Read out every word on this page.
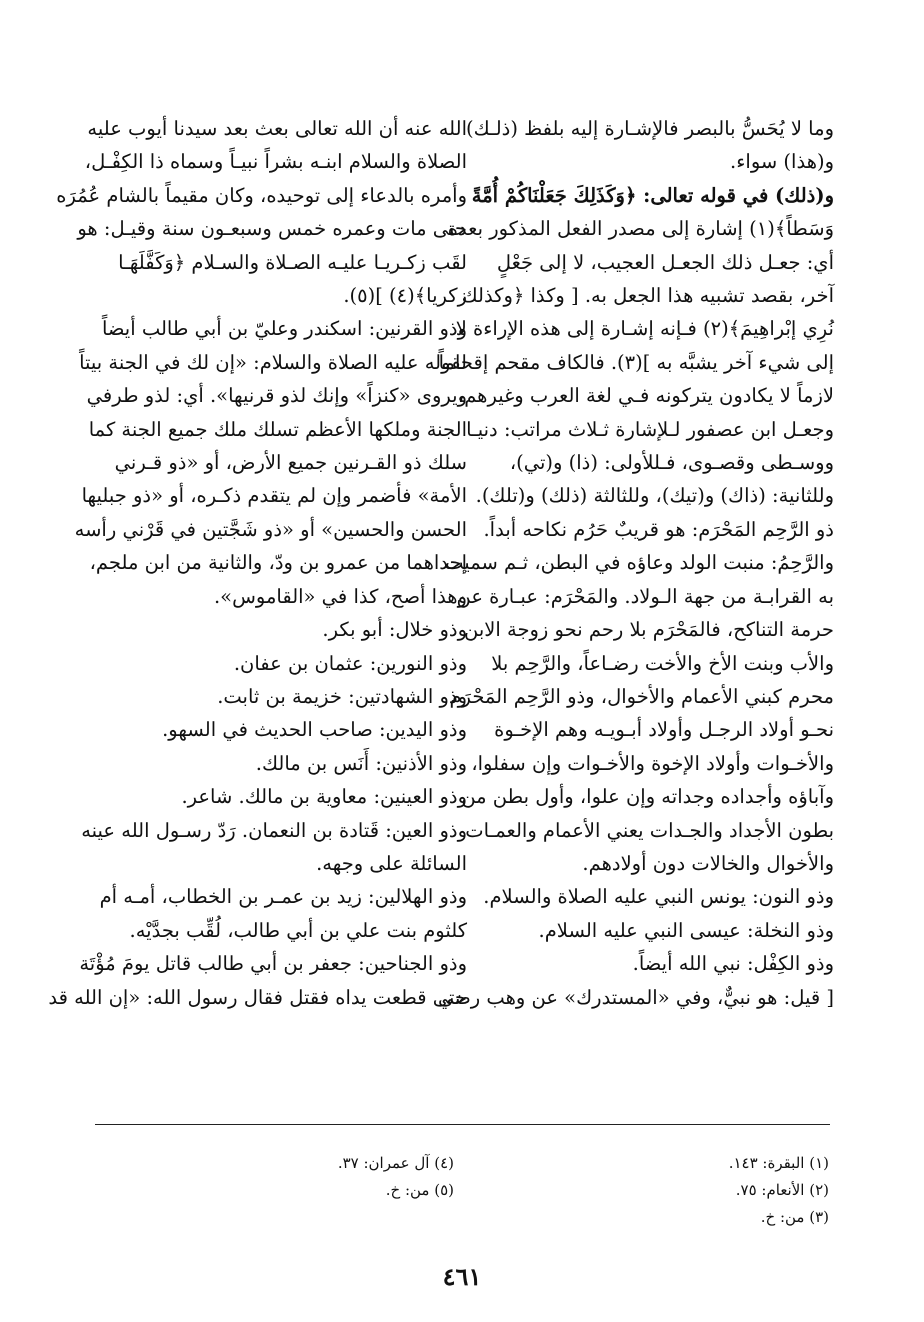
وما لا يُحَسُّ بالبصر فالإشـارة إليه بلفظ (ذلـك)
و(هذا) سواء.
و(ذلك) في قوله تعالى: ﴿وَكَذَلِكَ جَعَلْنَاكُمْ أُمَّةً
وَسَطاً﴾(١) إشارة إلى مصدر الفعل المذكور بعده
أي: جعـل ذلك الجعـل العجيب، لا إلى جَعْلٍ
آخر، بقصد تشبيه هذا الجعل به. [ وكذا ﴿وكذلك
نُرِي إبْراهِيمَ﴾(٢) فـإنه إشـارة إلى هذه الإراءة لا
إلى شيء آخر يشبَّه به ](٣). فالكاف مقحم إقحاماً
لازماً لا يكادون يتركونه فـي لغة العرب وغيرهم،
وجعـل ابن عصفور لـلإشارة ثـلاث مراتب: دنيـا
ووسـطى وقصـوى، فـللأولى: (ذا) و(تي)،
وللثانية: (ذاك) و(تيك)، وللثالثة (ذلك) و(تلك).
ذو الرَّحِم المَحْرَم: هو قريبٌ حَرُم نكاحه أبداً.
والرَّحِمُ: منبت الولد وعاؤه في البطن، ثـم سميت
به القرابـة من جهة الـولاد. والمَحْرَم: عبـارة عن
حرمة التناكح، فالمَحْرَم بلا رحم نحو زوجة الابن
والأب وبنت الأخ والأخت رضـاعاً، والرَّحِم بلا
محرم كبني الأعمام والأخوال، وذو الرَّحِم المَحْرَم
نحـو أولاد الرجـل وأولاد أبـويـه وهم الإخـوة
والأخـوات وأولاد الإخوة والأخـوات وإن سفلوا،
وآباؤه وأجداده وجداته وإن علوا، وأول بطن من
بطون الأجداد والجـدات يعني الأعمام والعمـات
والأخوال والخالات دون أولادهم.
وذو النون: يونس النبي عليه الصلاة والسلام.
وذو النخلة: عيسى النبي عليه السلام.
وذو الكِفْل: نبي الله أيضاً.
[ قيل: هو نبيٌّ، وفي «المستدرك» عن وهب رضي
الله عنه أن الله تعالى بعث بعد سيدنا أيوب عليه
الصلاة والسلام ابنـه بشراً نبيـاً وسماه ذا الكِفْـل،
وأمره بالدعاء إلى توحيده، وكان مقيماً بالشام عُمُرَه
حتى مات وعمره خمس وسبعـون سنة وقيـل: هو
لقَب زكـريـا عليـه الصـلاة والسـلام ﴿وَكَفَّلَهَـا
زكريا﴾(٤) ](٥).
وذو القرنين: اسكندر وعليّ بن أبي طالب أيضاً
لقوله عليه الصلاة والسلام: «إن لك في الجنة بيتاً
ويروى «كنزاً» وإنك لذو قرنيها». أي: لذو طرفي
الجنة وملكها الأعظم تسلك ملك جميع الجنة كما
سلك ذو القـرنين جميع الأرض، أو «ذو قـرني
الأمة» فأضمر وإن لم يتقدم ذكـره، أو «ذو جبليها
الحسن والحسين» أو «ذو شَجَّتين في قَرْني رأسه
إحداهما من عمرو بن ودّ، والثانية من ابن ملجم،
وهذا أصح، كذا في «القاموس».
وذو خلال: أبو بكر.
وذو النورين: عثمان بن عفان.
وذو الشهادتين: خزيمة بن ثابت.
وذو اليدين: صاحب الحديث في السهو.
وذو الأذنين: أَنَس بن مالك.
وذو العينين: معاوية بن مالك. شاعر.
وذو العين: قَتادة بن النعمان. رَدّ رسـول الله عينه
السائلة على وجهه.
وذو الهلالين: زيد بن عمـر بن الخطاب، أمـه أم
كلثوم بنت علي بن أبي طالب، لُقِّب بجدَّيْه.
وذو الجناحين: جعفر بن أبي طالب قاتل يومَ مُؤْتَة
حتى قطعت يداه فقتل فقال رسول الله: «إن الله قد
(١) البقرة: ١٤٣.
(٢) الأنعام: ٧٥.
(٣) من: خ.
(٤) آل عمران: ٣٧.
(٥) من: خ.
٤٦١
